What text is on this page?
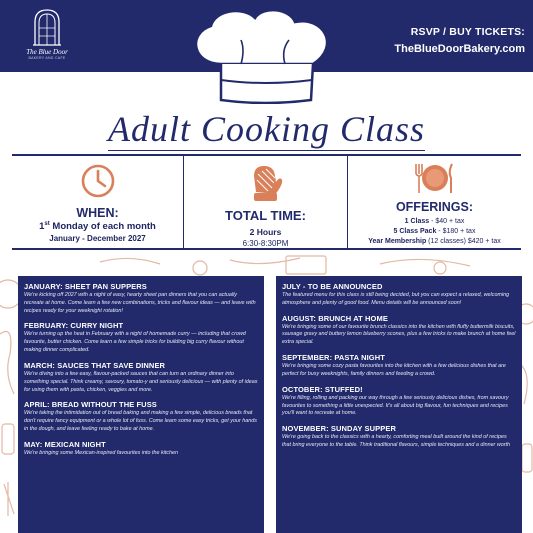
The Blue Door
BAKERY AND CAFE
RSVP / BUY TICKETS:
TheBlueDoorBakery.com
Adult Cooking Class
WHEN:
1st Monday of each month
January - December 2027
TOTAL TIME:
2 Hours
6:30-8:30PM
OFFERINGS:
1 Class - $40 + tax
5 Class Pack - $180 + tax
Year Membership (12 classes) $420 + tax
JANUARY: SHEET PAN SUPPERS
We're kicking off 2027 with a night of easy, hearty sheet pan dinners that you can actually recreate at home. Come learn a few new combinations, tricks and flavour ideas — and leave with recipes ready for your weeknight rotation!
FEBRUARY: CURRY NIGHT
We're turning up the heat in February with a night of homemade curry — including that crowd favourite, butter chicken. Come learn a few simple tricks for building big curry flavour without making dinner complicated.
MARCH: SAUCES THAT SAVE DINNER
We're diving into a few easy, flavour-packed sauces that can turn an ordinary dinner into something special. Think creamy, savoury, tomato-y and seriously delicious — with plenty of ideas for using them with pasta, chicken, veggies and more.
APRIL: BREAD WITHOUT THE FUSS
We're taking the intimidation out of bread baking and making a few simple, delicious breads that don't require fancy equipment or a whole lot of fuss. Come learn some easy tricks, get your hands in the dough, and leave feeling ready to bake at home.
MAY: MEXICAN NIGHT
We're bringing some Mexican-inspired favourites into the kitchen
JULY - TO BE ANNOUNCED
The featured menu for this class is still being decided, but you can expect a relaxed, welcoming atmosphere and plenty of good food. Menu details will be announced soon!
AUGUST: BRUNCH AT HOME
We're bringing some of our favourite brunch classics into the kitchen with fluffy buttermilk biscuits, sausage gravy and buttery lemon blueberry scones, plus a few tricks to make brunch at home feel extra special.
SEPTEMBER: PASTA NIGHT
We're bringing some cozy pasta favourites into the kitchen with a few delicious dishes that are perfect for busy weeknights, family dinners and feeding a crowd.
OCTOBER: STUFFED!
We're filling, rolling and packing our way through a few seriously delicious dishes, from savoury favourites to something a little unexpected. It's all about big flavour, fun techniques and recipes you'll want to recreate at home.
NOVEMBER: SUNDAY SUPPER
We're going back to the classics with a hearty, comforting meal built around the kind of recipes that bring everyone to the table. Think traditional flavours, simple techniques and a dinner worth
